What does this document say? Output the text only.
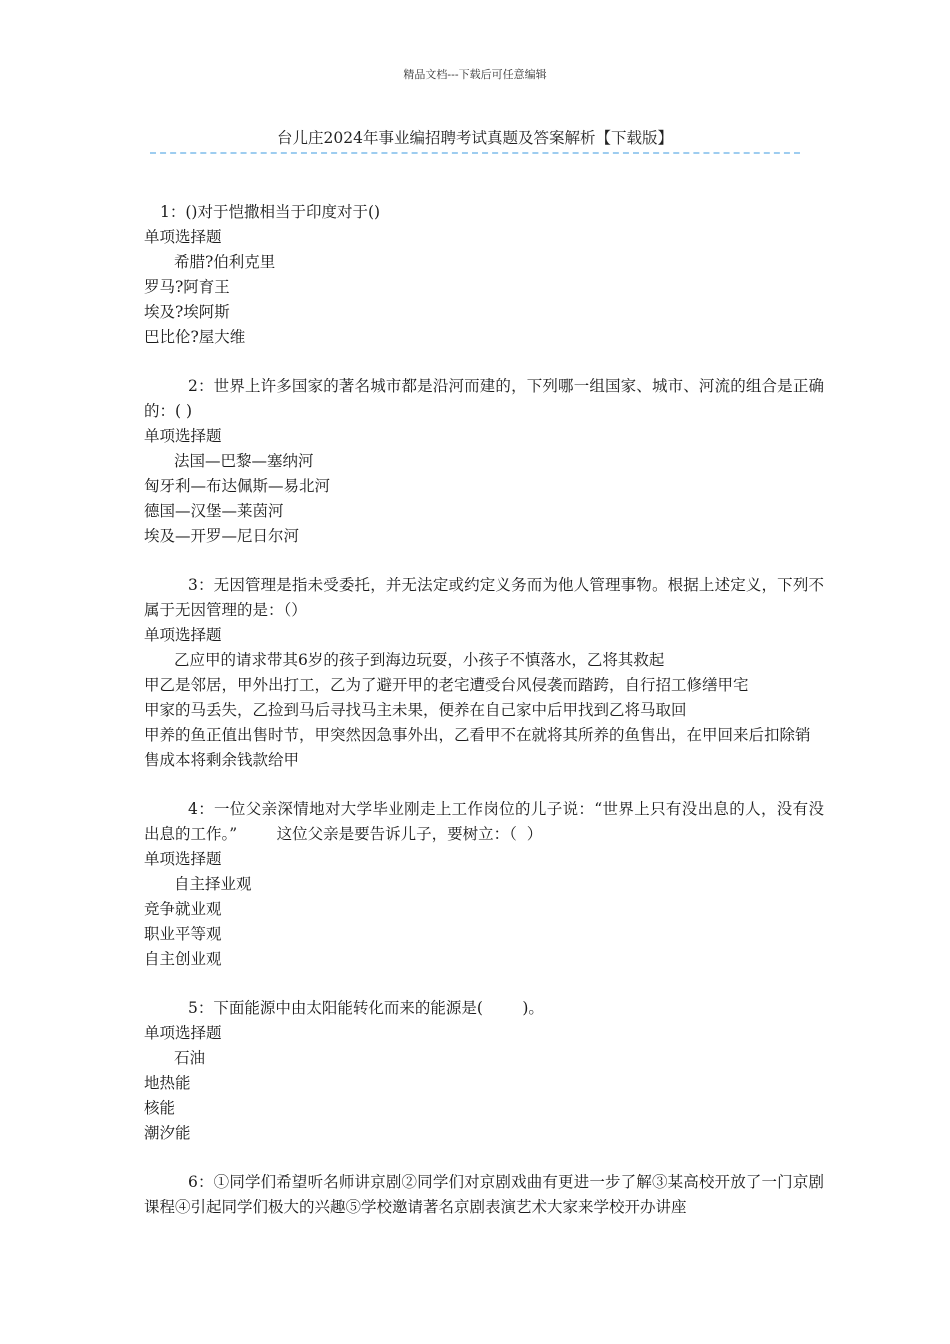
精品文档---下载后可任意编辑
台儿庄2024年事业编招聘考试真题及答案解析【下载版】
1：()对于恺撒相当于印度对于()
单项选择题
希腊?伯利克里
罗马?阿育王
埃及?埃阿斯
巴比伦?屋大维
2：世界上许多国家的著名城市都是沿河而建的，下列哪一组国家、城市、河流的组合是正确的：( )
单项选择题
法国—巴黎—塞纳河
匈牙利—布达佩斯—易北河
德国—汉堡—莱茵河
埃及—开罗—尼日尔河
3：无因管理是指未受委托，并无法定或约定义务而为他人管理事物。根据上述定义，下列不属于无因管理的是：（）
单项选择题
乙应甲的请求带其6岁的孩子到海边玩耍，小孩子不慎落水，乙将其救起
甲乙是邻居，甲外出打工，乙为了避开甲的老宅遭受台风侵袭而踏跨，自行招工修缮甲宅
甲家的马丢失，乙捡到马后寻找马主未果，便养在自己家中后甲找到乙将马取回
甲养的鱼正值出售时节，甲突然因急事外出，乙看甲不在就将其所养的鱼售出，在甲回来后扣除销售成本将剩余钱款给甲
4：一位父亲深情地对大学毕业刚走上工作岗位的儿子说：“世界上只有没出息的人，没有没出息的工作。”        这位父亲是要告诉儿子，要树立：（  ）
单项选择题
自主择业观
竞争就业观
职业平等观
自主创业观
5：下面能源中由太阳能转化而来的能源是(        )。
单项选择题
石油
地热能
核能
潮汐能
6：①同学们希望听名师讲京剧②同学们对京剧戏曲有更进一步了解③某高校开放了一门京剧课程④引起同学们极大的兴趣⑤学校邀请著名京剧表演艺术大家来学校开办讲座
